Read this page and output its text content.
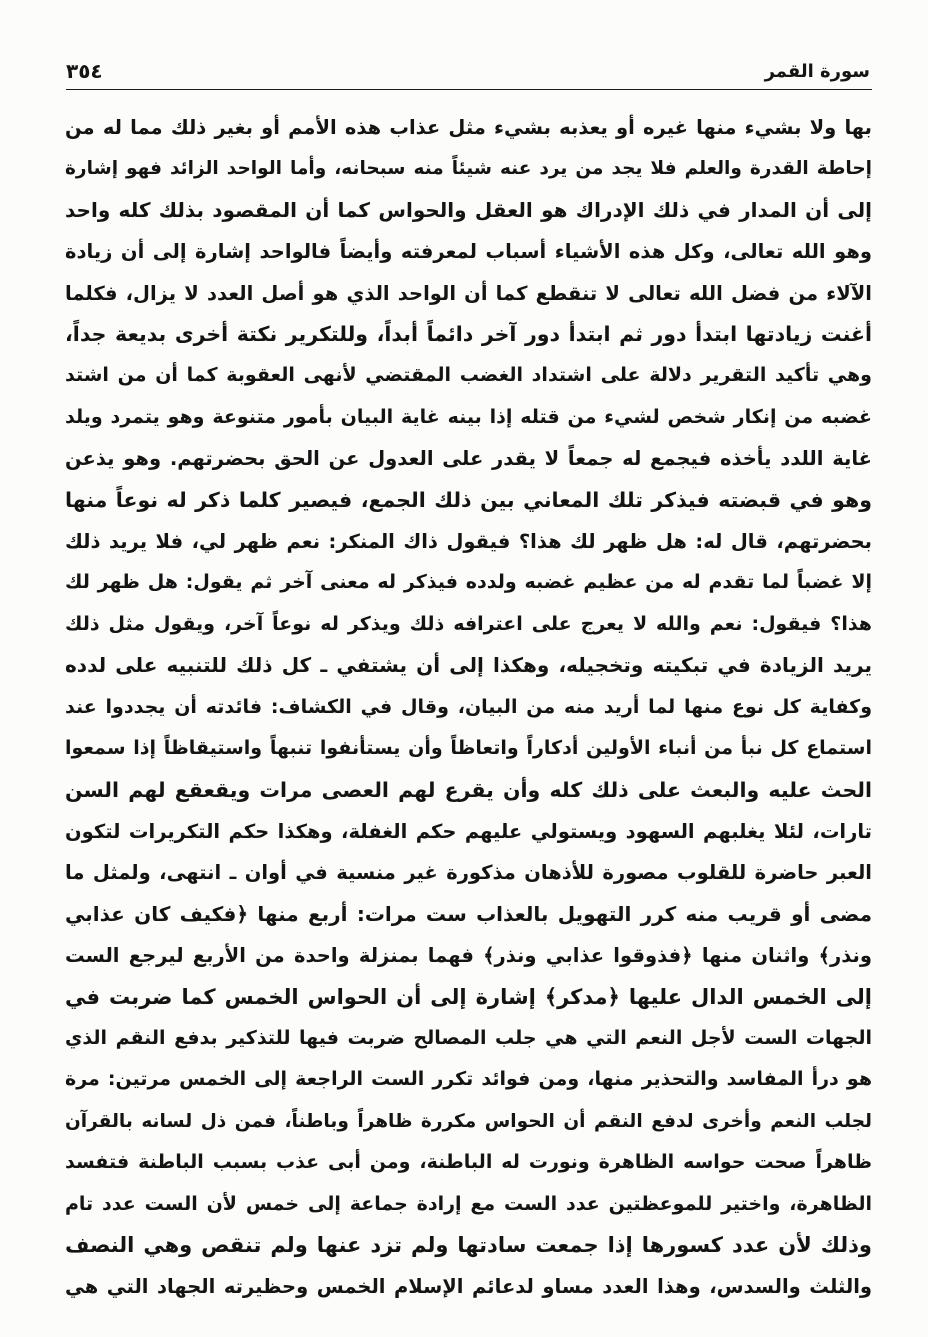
سورة القمر
٣٥٤
بها ولا بشيء منها غيره أو يعذبه بشيء مثل عذاب هذه الأمم أو بغير ذلك مما له من
إحاطة القدرة والعلم فلا يجد من يرد عنه شيئاً منه سبحانه، وأما الواحد الزائد فهو إشارة
إلى أن المدار في ذلك الإدراك هو العقل والحواس كما أن المقصود بذلك كله واحد
وهو الله تعالى، وكل هذه الأشياء أسباب لمعرفته وأيضاً فالواحد إشارة إلى أن زيادة
الآلاء من فضل الله تعالى لا تنقطع كما أن الواحد الذي هو أصل العدد لا يزال، فكلما
أغنت زيادتها ابتدأ دور ثم ابتدأ دور آخر دائماً أبداً، وللتكرير نكتة أخرى بديعة جداً،
وهي تأكيد التقرير دلالة على اشتداد الغضب المقتضي لأنهى العقوبة كما أن من اشتد
غضبه من إنكار شخص لشيء من قتله إذا بينه غاية البيان بأمور متنوعة وهو يتمرد ويلد
غاية اللدد يأخذه فيجمع له جمعاً لا يقدر على العدول عن الحق بحضرتهم. وهو يذعن
وهو في قبضته فيذكر تلك المعاني بين ذلك الجمع، فيصير كلما ذكر له نوعاً منها
بحضرتهم، قال له: هل ظهر لك هذا؟ فيقول ذاك المنكر: نعم ظهر لي، فلا يريد ذلك
إلا غضباً لما تقدم له من عظيم غضبه ولدده فيذكر له معنى آخر ثم يقول: هل ظهر لك
هذا؟ فيقول: نعم والله لا يعرج على اعترافه ذلك ويذكر له نوعاً آخر، ويقول مثل ذلك
يريد الزيادة في تبكيته وتخجيله، وهكذا إلى أن يشتفي ـ كل ذلك للتنبيه على لدده
وكفاية كل نوع منها لما أريد منه من البيان، وقال في الكشاف: فائدته أن يجددوا عند
استماع كل نبأ من أنباء الأولين أدكاراً واتعاظاً وأن يستأنفوا تنبهاً واستيقاظاً إذا سمعوا
الحث عليه والبعث على ذلك كله وأن يقرع لهم العصى مرات ويقعقع لهم السن
تارات، لئلا يغلبهم السهود ويستولي عليهم حكم الغفلة، وهكذا حكم التكريرات لتكون
العبر حاضرة للقلوب مصورة للأذهان مذكورة غير منسية في أوان ـ انتهى، ولمثل ما
مضى أو قريب منه كرر التهويل بالعذاب ست مرات: أربع منها ﴿فكيف كان عذابي
ونذر﴾ واثنان منها ﴿فذوقوا عذابي ونذر﴾ فهما بمنزلة واحدة من الأربع ليرجع الست
إلى الخمس الدال عليها ﴿مدكر﴾ إشارة إلى أن الحواس الخمس كما ضربت في
الجهات الست لأجل النعم التي هي جلب المصالح ضربت فيها للتذكير بدفع النقم الذي
هو درأ المفاسد والتحذير منها، ومن فوائد تكرر الست الراجعة إلى الخمس مرتين: مرة
لجلب النعم وأخرى لدفع النقم أن الحواس مكررة ظاهراً وباطناً، فمن ذل لسانه بالقرآن
ظاهراً صحت حواسه الظاهرة ونورت له الباطنة، ومن أبى عذب بسبب الباطنة فتفسد
الظاهرة، واختير للموعظتين عدد الست مع إرادة جماعة إلى خمس لأن الست عدد تام
وذلك لأن عدد كسورها إذا جمعت سادتها ولم تزد عنها ولم تنقص وهي النصف
والثلث والسدس، وهذا العدد مساو لدعائم الإسلام الخمس وحظيرته الجهاد التي هي
